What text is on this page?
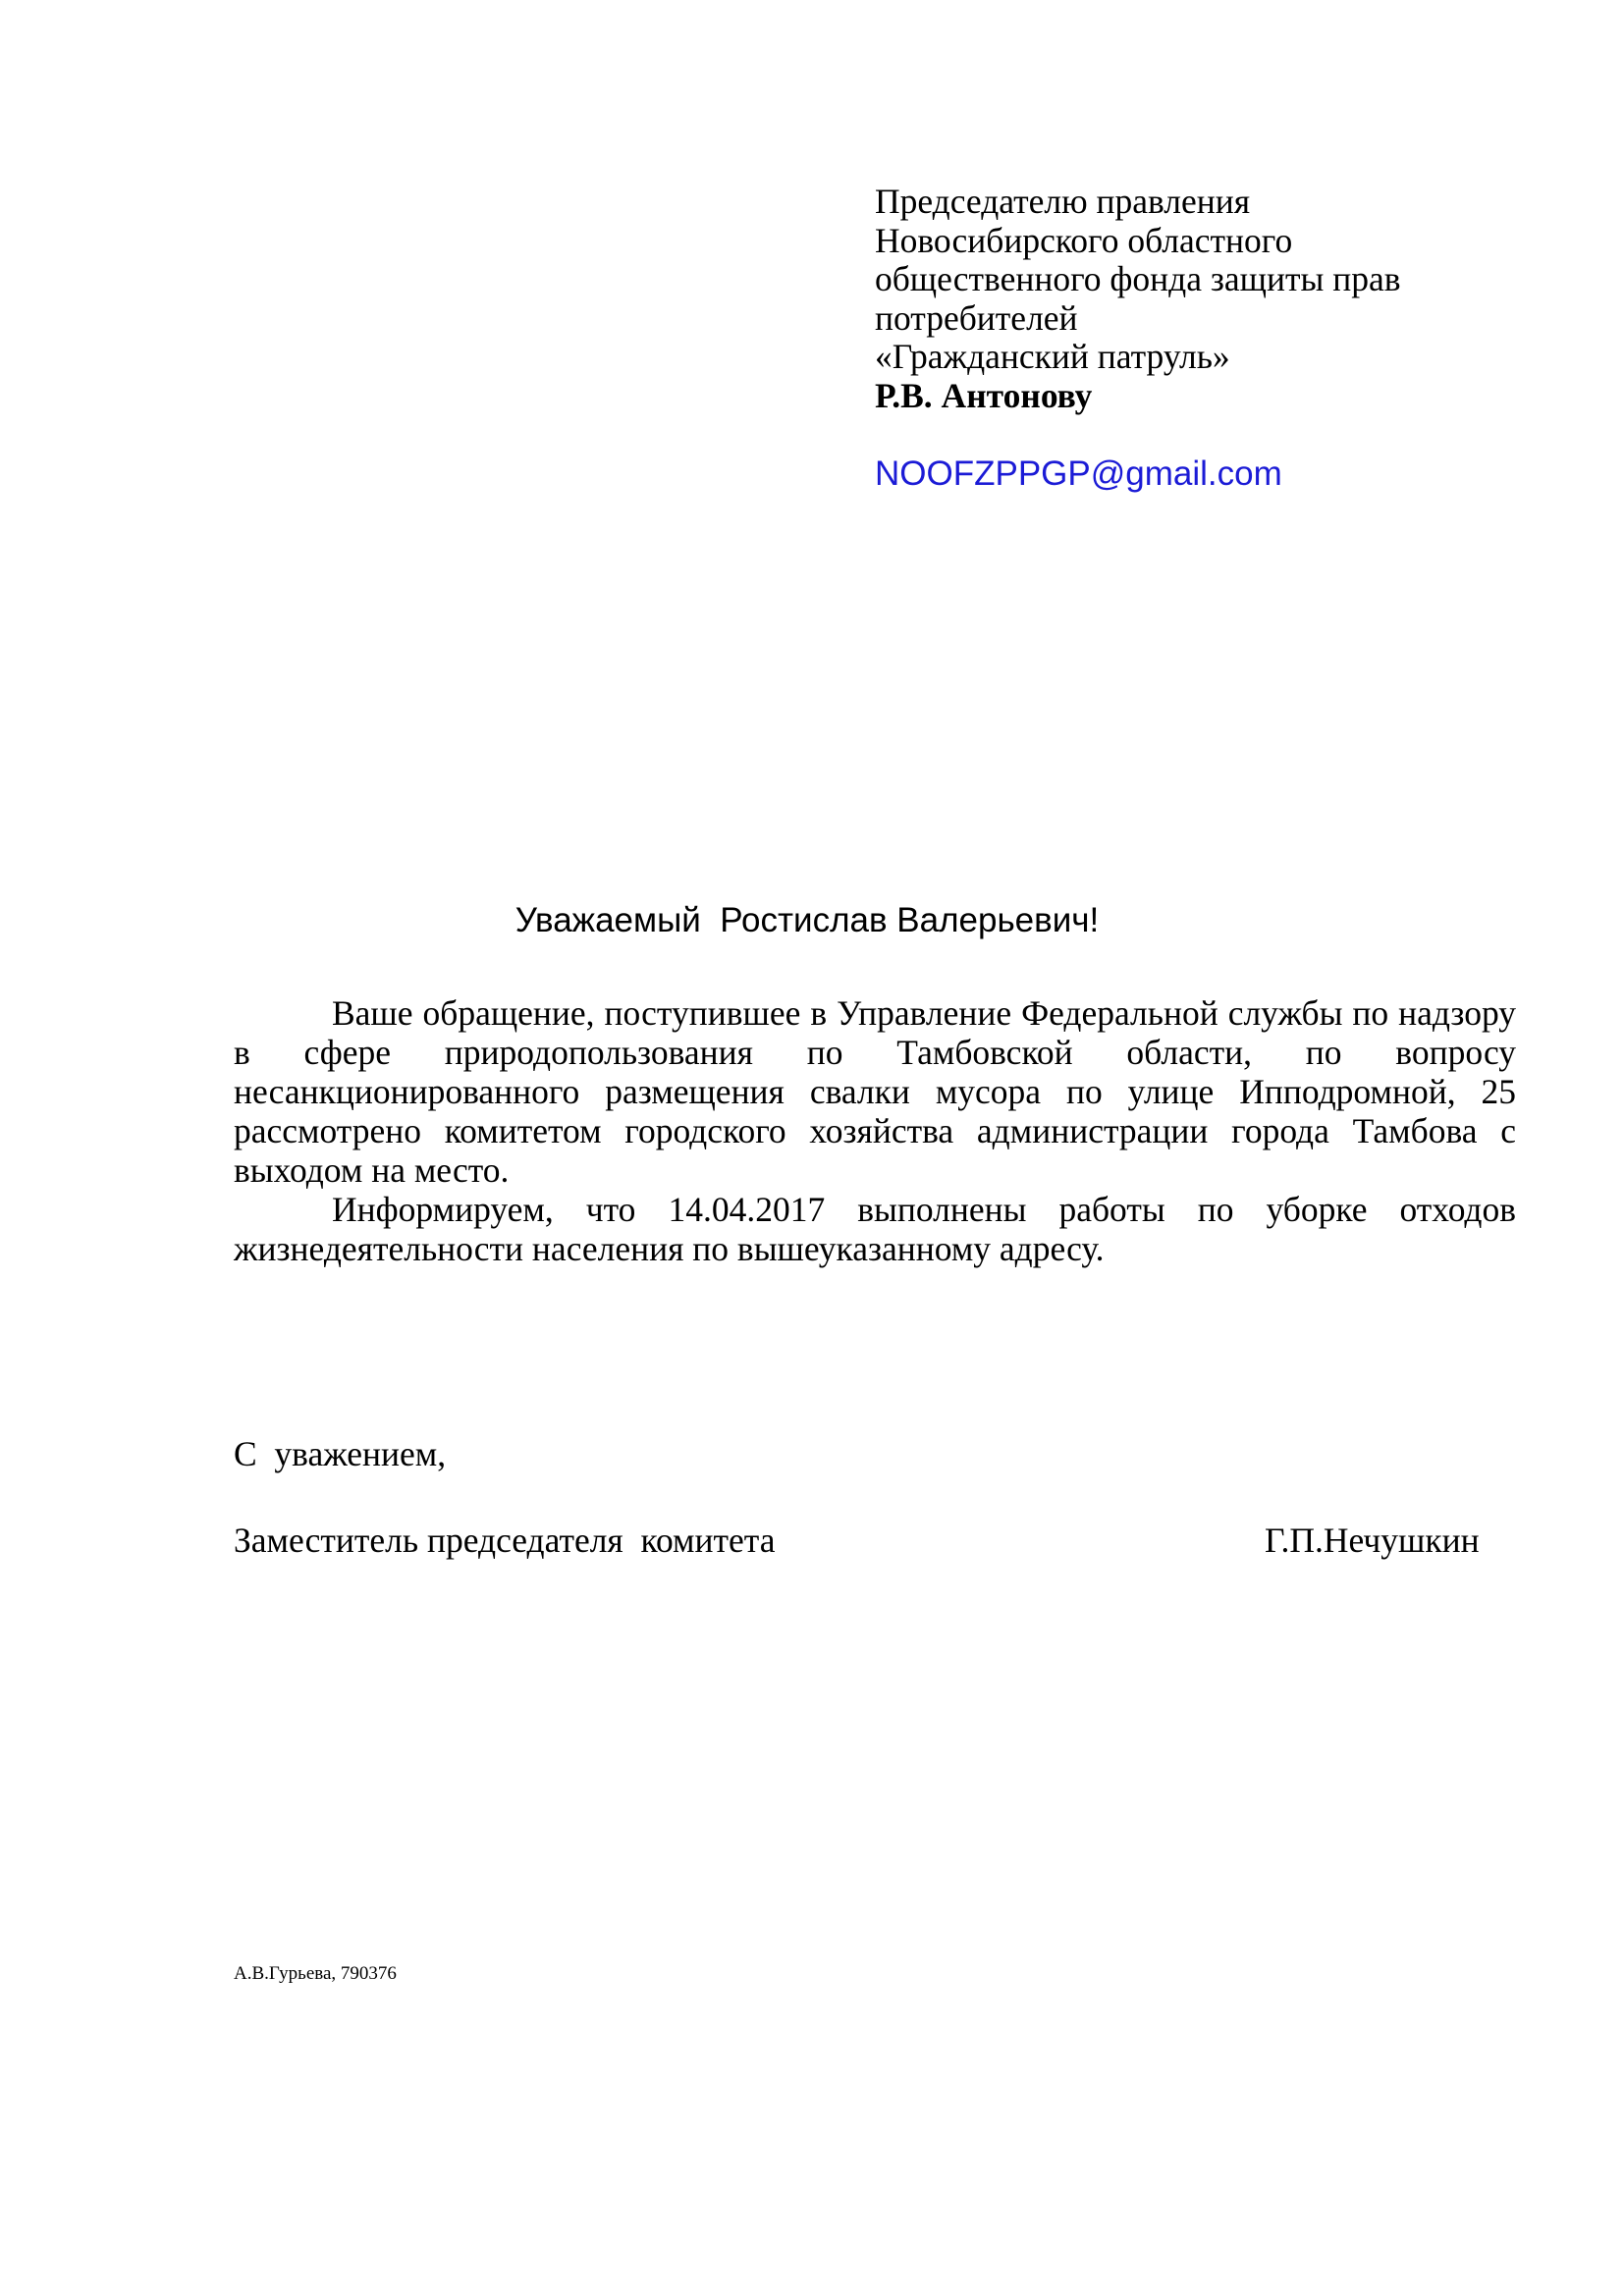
Председателю правления
Новосибирского областного
общественного фонда защиты прав
потребителей
«Гражданский патруль»
Р.В. Антонову
NOOFZPPGP@gmail.com
Уважаемый  Ростислав Валерьевич!

Ваше обращение, поступившее в Управление Федеральной службы по надзору в сфере природопользования по Тамбовской области, по вопросу несанкционированного размещения свалки мусора по улице Ипподромной, 25 рассмотрено комитетом городского хозяйства администрации города Тамбова с выходом на место.

Информируем, что 14.04.2017 выполнены работы по уборке отходов жизнедеятельности населения по вышеуказанному адресу.

С  уважением,
Заместитель председателя  комитета	Г.П.Нечушкин
А.В.Гурьева, 790376
